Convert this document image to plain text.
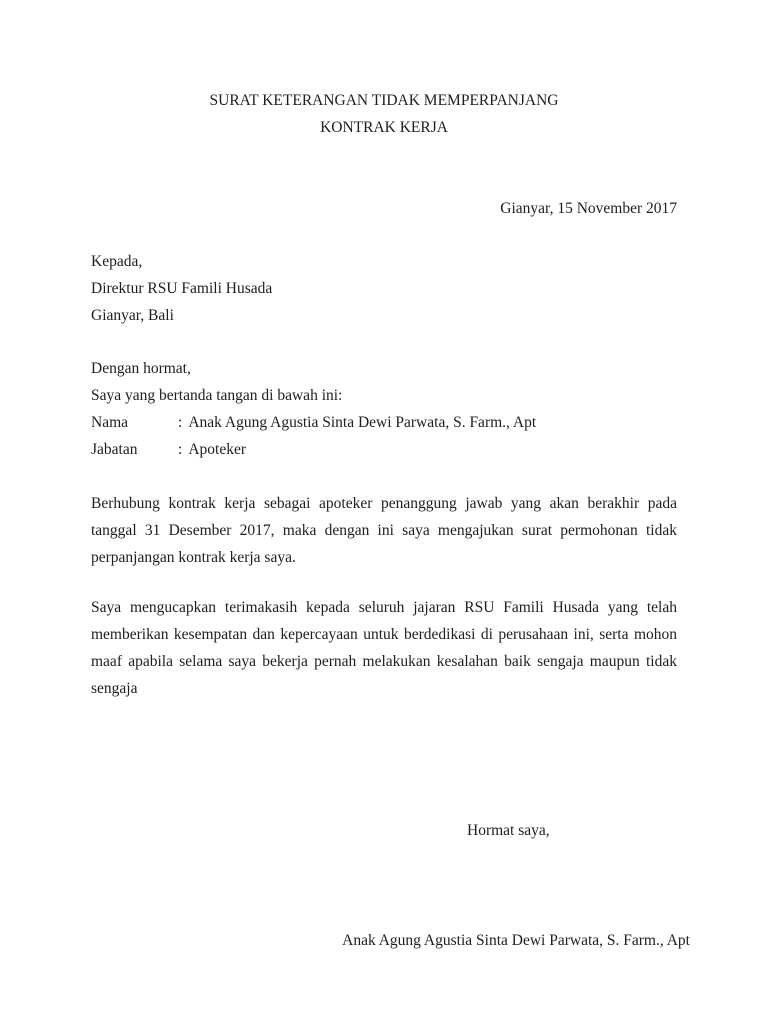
SURAT KETERANGAN TIDAK MEMPERPANJANG
KONTRAK KERJA
Gianyar, 15 November 2017
Kepada,
Direktur RSU Famili Husada
Gianyar, Bali
Dengan hormat,
Saya yang bertanda tangan di bawah ini:
Nama	: Anak Agung Agustia Sinta Dewi Parwata, S. Farm., Apt
Jabatan	: Apoteker

Berhubung kontrak kerja sebagai apoteker penanggung jawab yang akan berakhir pada tanggal 31 Desember 2017, maka dengan ini saya mengajukan surat permohonan tidak perpanjangan kontrak kerja saya.

Saya mengucapkan terimakasih kepada seluruh jajaran RSU Famili Husada yang telah memberikan kesempatan dan kepercayaan untuk berdedikasi di perusahaan ini, serta mohon maaf apabila selama saya bekerja pernah melakukan kesalahan baik sengaja maupun tidak sengaja

Hormat saya,
Anak Agung Agustia Sinta Dewi Parwata, S. Farm., Apt
